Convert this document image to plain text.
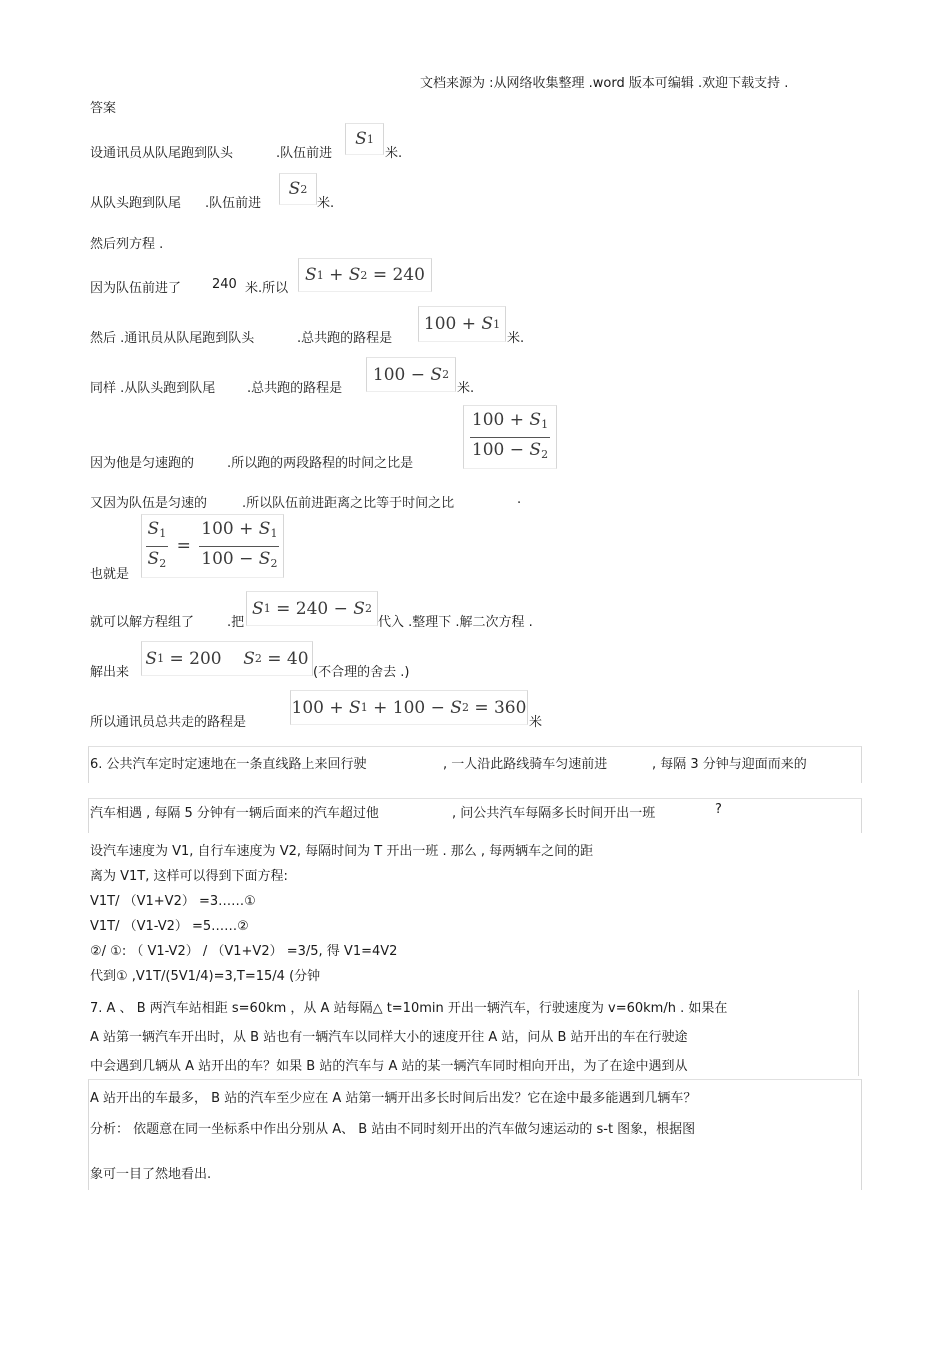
文档来源为 :从网络收集整理 .word 版本可编辑 .欢迎下载支持 .
答案
设通讯员从队尾跑到队头	.队伍前进
S 1
米.
从队头跑到队尾 .队伍前进
S 2
米.
然后列方程 .
因为队伍前进了 240 米.所以
S 1 + S 2
= 240
然后 .通讯员从队尾跑到队头	.总共跑的路程是
100 + S 1
米.
同样 .从队头跑到队尾 .总共跑的路程是
100 − S 2
米.
$\frac{100 + S_1}{100 - S_2}$
因为他是匀速跑的	.所以跑的两段路程的时间之比是
又因为队伍是匀速的	.所以队伍前进距离之比等于时间之比	.
$\frac{S_1}{S_2} = \frac{100 + S_1}{100 - S_2}$
也就是
就可以解方程组了	.把
S 1 = 240 − S 2
代入 .整理下 .解二次方程 .
解出来
S 1
= 200
S 2
= 40
(不合理的舍去 .)
所以通讯员总共走的路程是
100 + S 1 + 100 − S 2
= 360
米
6. 公共汽车定时定速地在一条直线路上来回行驶	, 一人沿此路线骑车匀速前进	, 每隔 3 分钟与迎面而来的
汽车相遇 , 每隔 5 分钟有一辆后面来的汽车超过他	, 问公共汽车每隔多长时间开出一班	?
设汽车速度为 V1, 自行车速度为 V2, 每隔时间为 T 开出一班 . 那么 , 每两辆车之间的距
离为 V1T, 这样可以得到下面方程:
V1T/ （V1+V2） =3……①
V1T/ （V1-V2） =5……②
②/ ①: （ V1-V2） / （V1+V2） =3/5, 得 V1=4V2
代到① ,V1T/(5V1/4)=3,T=15/4 (分钟
7. A 、 B 两汽车站相距 s=60km ，从 A 站每隔△ t=10min 开出一辆汽车，行驶速度为 v=60km/h . 如果在
A 站第一辆汽车开出时，从 B 站也有一辆汽车以同样大小的速度开往 A 站，问从 B 站开出的车在行驶途
中会遇到几辆从 A 站开出的车？如果 B 站的汽车与 A 站的某一辆汽车同时相向开出，为了在途中遇到从
A 站开出的车最多， B 站的汽车至少应在 A 站第一辆开出多长时间后出发？它在途中最多能遇到几辆车？
分析： 依题意在同一坐标系中作出分别从 A、 B 站由不同时刻开出的汽车做匀速运动的 s-t 图象，根据图
象可一目了然地看出.
